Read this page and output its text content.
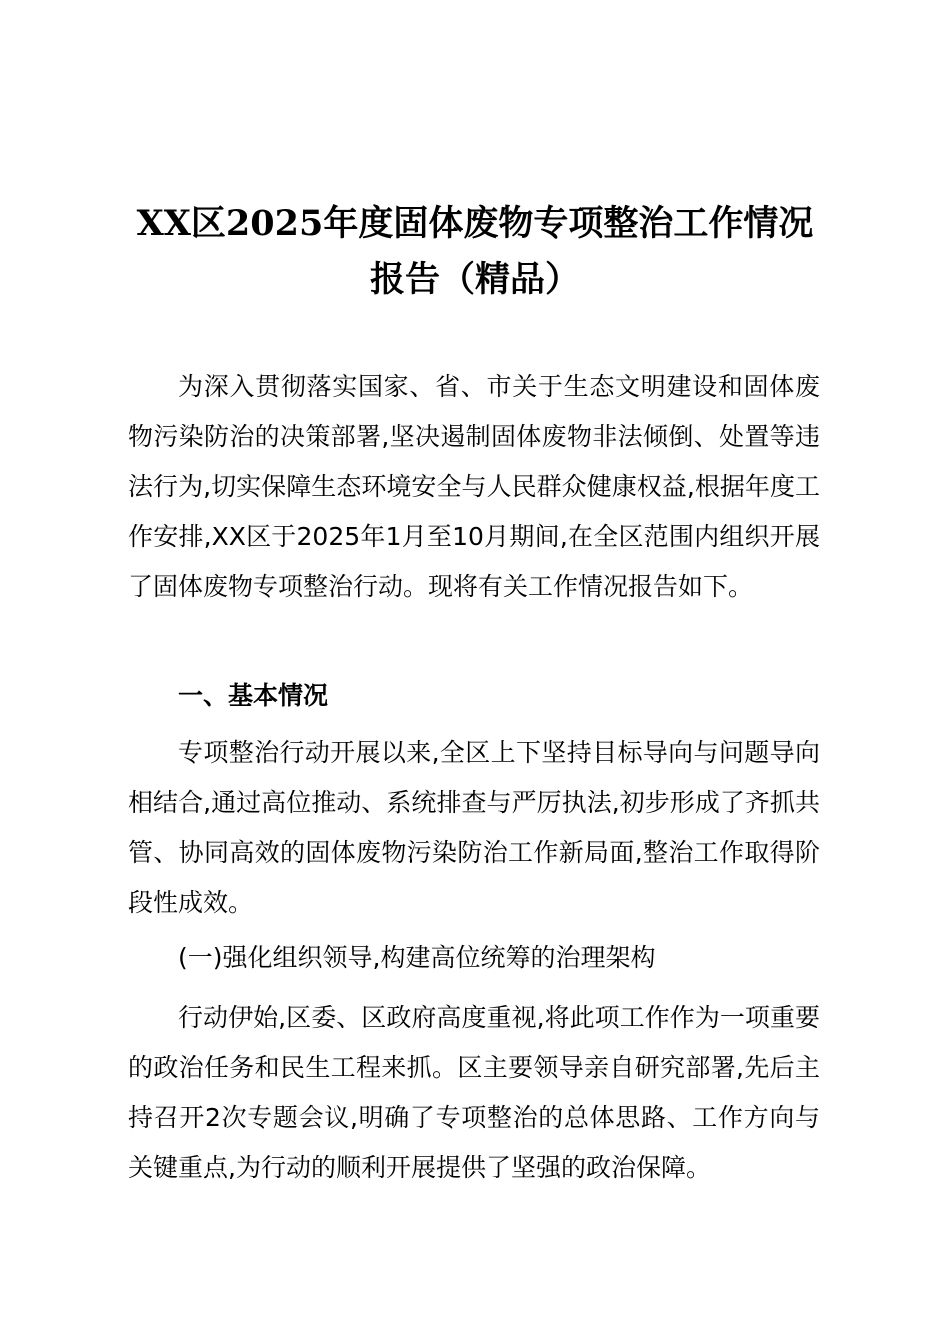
XX区2025年度固体废物专项整治工作情况报告（精品）

为深入贯彻落实国家、省、市关于生态文明建设和固体废物污染防治的决策部署,坚决遏制固体废物非法倾倒、处置等违法行为,切实保障生态环境安全与人民群众健康权益,根据年度工作安排,XX区于2025年1月至10月期间,在全区范围内组织开展了固体废物专项整治行动。现将有关工作情况报告如下。

一、基本情况

专项整治行动开展以来,全区上下坚持目标导向与问题导向相结合,通过高位推动、系统排查与严厉执法,初步形成了齐抓共管、协同高效的固体废物污染防治工作新局面,整治工作取得阶段性成效。

(一)强化组织领导,构建高位统筹的治理架构

行动伊始,区委、区政府高度重视,将此项工作作为一项重要的政治任务和民生工程来抓。区主要领导亲自研究部署,先后主持召开2次专题会议,明确了专项整治的总体思路、工作方向与关键重点,为行动的顺利开展提供了坚强的政治保障。
